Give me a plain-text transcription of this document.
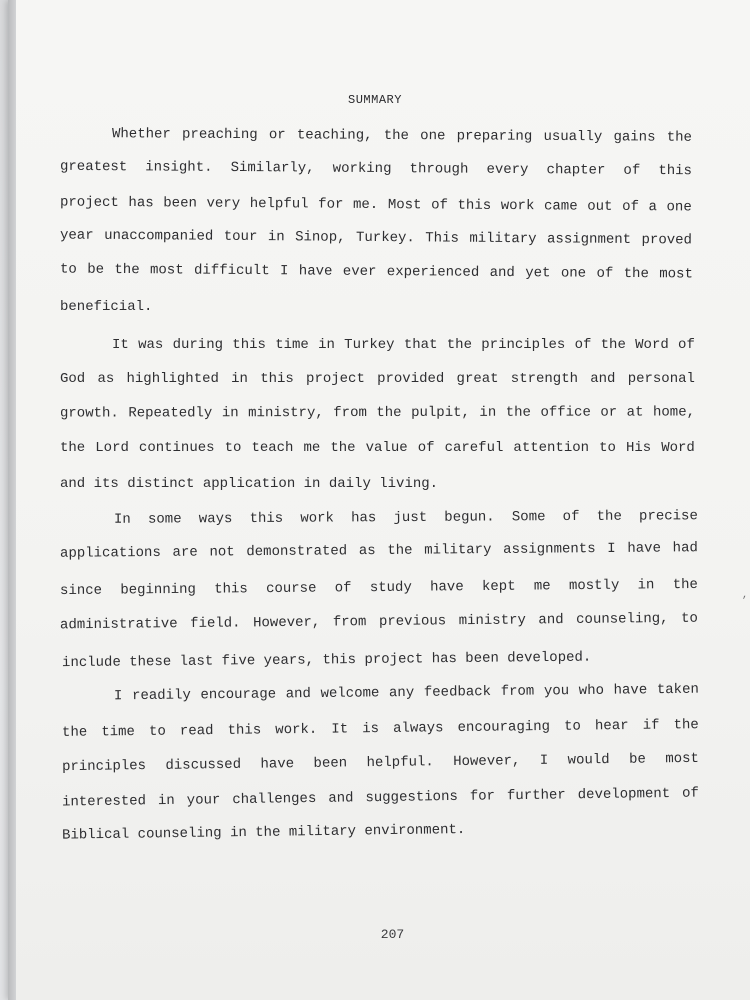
SUMMARY
Whether preaching or teaching, the one preparing usually gains the
greatest insight. Similarly, working through every chapter of this
project has been very helpful for me. Most of this work came out of a one
year unaccompanied tour in Sinop, Turkey. This military assignment proved
to be the most difficult I have ever experienced and yet one of the most
beneficial.
It was during this time in Turkey that the principles of the Word of
God as highlighted in this project provided great strength and personal
growth. Repeatedly in ministry, from the pulpit, in the office or at home,
the Lord continues to teach me the value of careful attention to His Word
and its distinct application in daily living.
In some ways this work has just begun. Some of the precise
applications are not demonstrated as the military assignments I have had
since beginning this course of study have kept me mostly in the
administrative field. However, from previous ministry and counseling, to
include these last five years, this project has been developed.
I readily encourage and welcome any feedback from you who have taken
the time to read this work. It is always encouraging to hear if the
principles discussed have been helpful. However, I would be most
interested in your challenges and suggestions for further development of
Biblical counseling in the military environment.
207
,
